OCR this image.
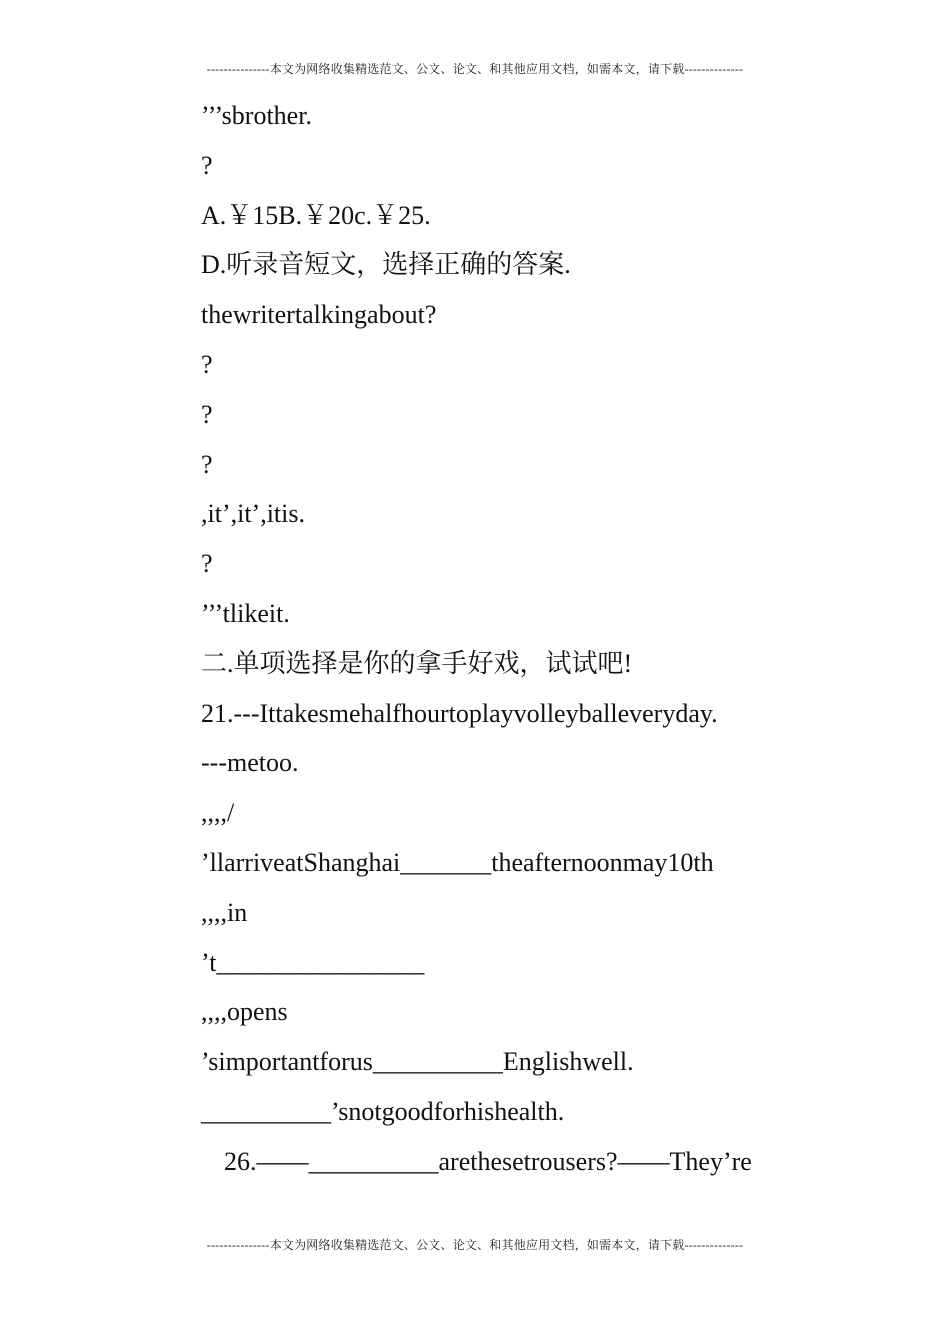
---------------本文为网络收集精选范文、公文、论文、和其他应用文档，如需本文，请下载--------------
’’’sbrother.
?
A.￥15B.￥20c.￥25.
D.听录音短文，选择正确的答案.
thewritertalkingabout?
?
?
?
,it’,it’,itis.
?
’’’tlikeit.
二.单项选择是你的拿手好戏，试试吧!
21.---Ittakesmehalfhourtoplayvolleyballeveryday.
---metoo.
,,,,/
’llarriveatShanghai_______theafternoonmay10th
,,,,in
’t________________
,,,,opens
’simportantforus__________Englishwell.
__________’snotgoodforhishealth.
26.——__________arethesetrousers?——They’re
---------------本文为网络收集精选范文、公文、论文、和其他应用文档，如需本文，请下载--------------
